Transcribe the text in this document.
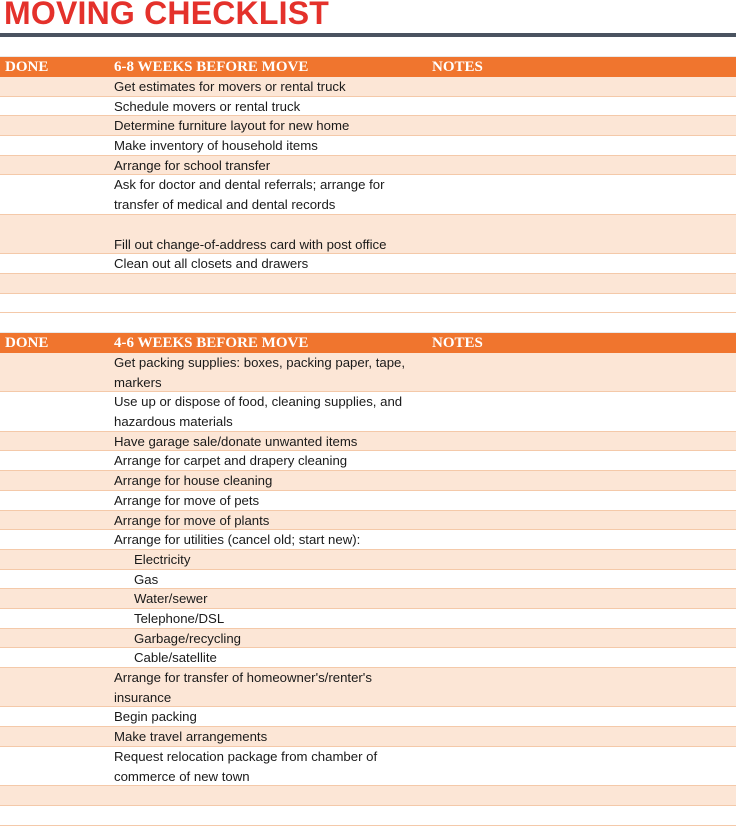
MOVING CHECKLIST
DONE	6-8 WEEKS BEFORE MOVE	NOTES
Get estimates for movers or rental truck
Schedule movers or rental truck
Determine furniture layout for new home
Make inventory of household items
Arrange for school transfer
Ask for doctor and dental referrals; arrange for
transfer of medical and dental records
Fill out change-of-address card with post office
Clean out all closets and drawers
DONE	4-6 WEEKS BEFORE MOVE	NOTES
Get packing supplies: boxes, packing paper, tape,
markers
Use up or dispose of food, cleaning supplies, and
hazardous materials
Have garage sale/donate unwanted items
Arrange for carpet and drapery cleaning
Arrange for house cleaning
Arrange for move of pets
Arrange for move of plants
Arrange for utilities (cancel old; start new):
Electricity
Gas
Water/sewer
Telephone/DSL
Garbage/recycling
Cable/satellite
Arrange for transfer of homeowner's/renter's
insurance
Begin packing
Make travel arrangements
Request relocation package from chamber of
commerce of new town
